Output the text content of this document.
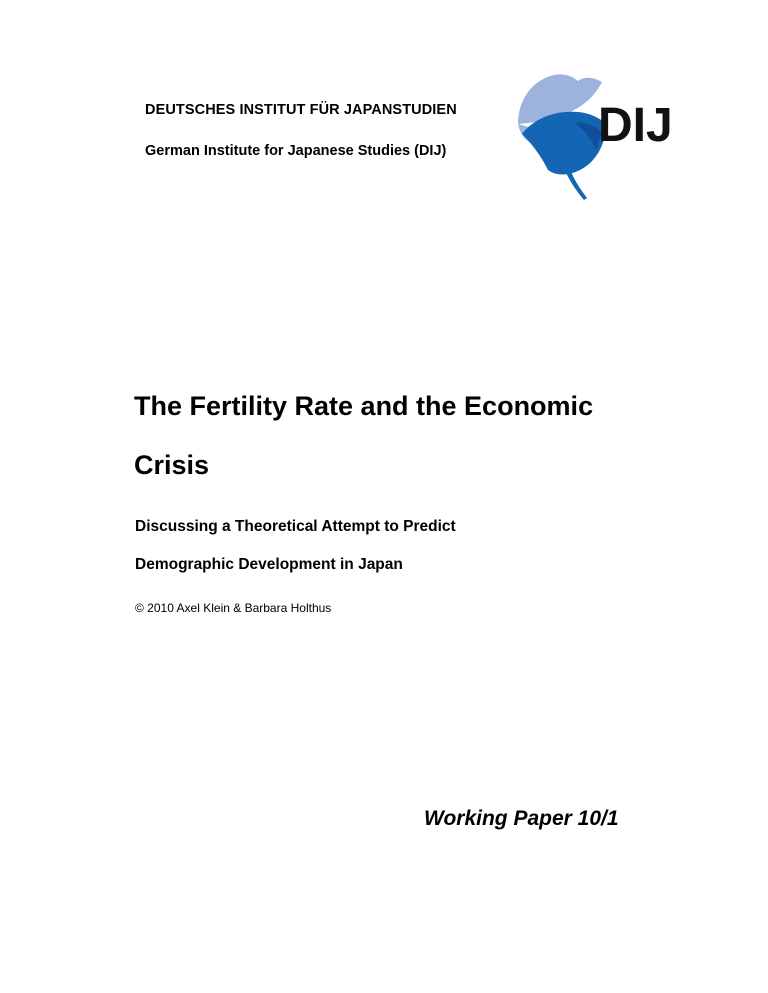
DEUTSCHES INSTITUT FÜR JAPANSTUDIEN
German Institute for Japanese Studies (DIJ)	DIJ
The Fertility Rate and the Economic
Crisis
Discussing a Theoretical Attempt to Predict
Demographic Development in Japan
© 2010 Axel Klein & Barbara Holthus
Working Paper 10/1
